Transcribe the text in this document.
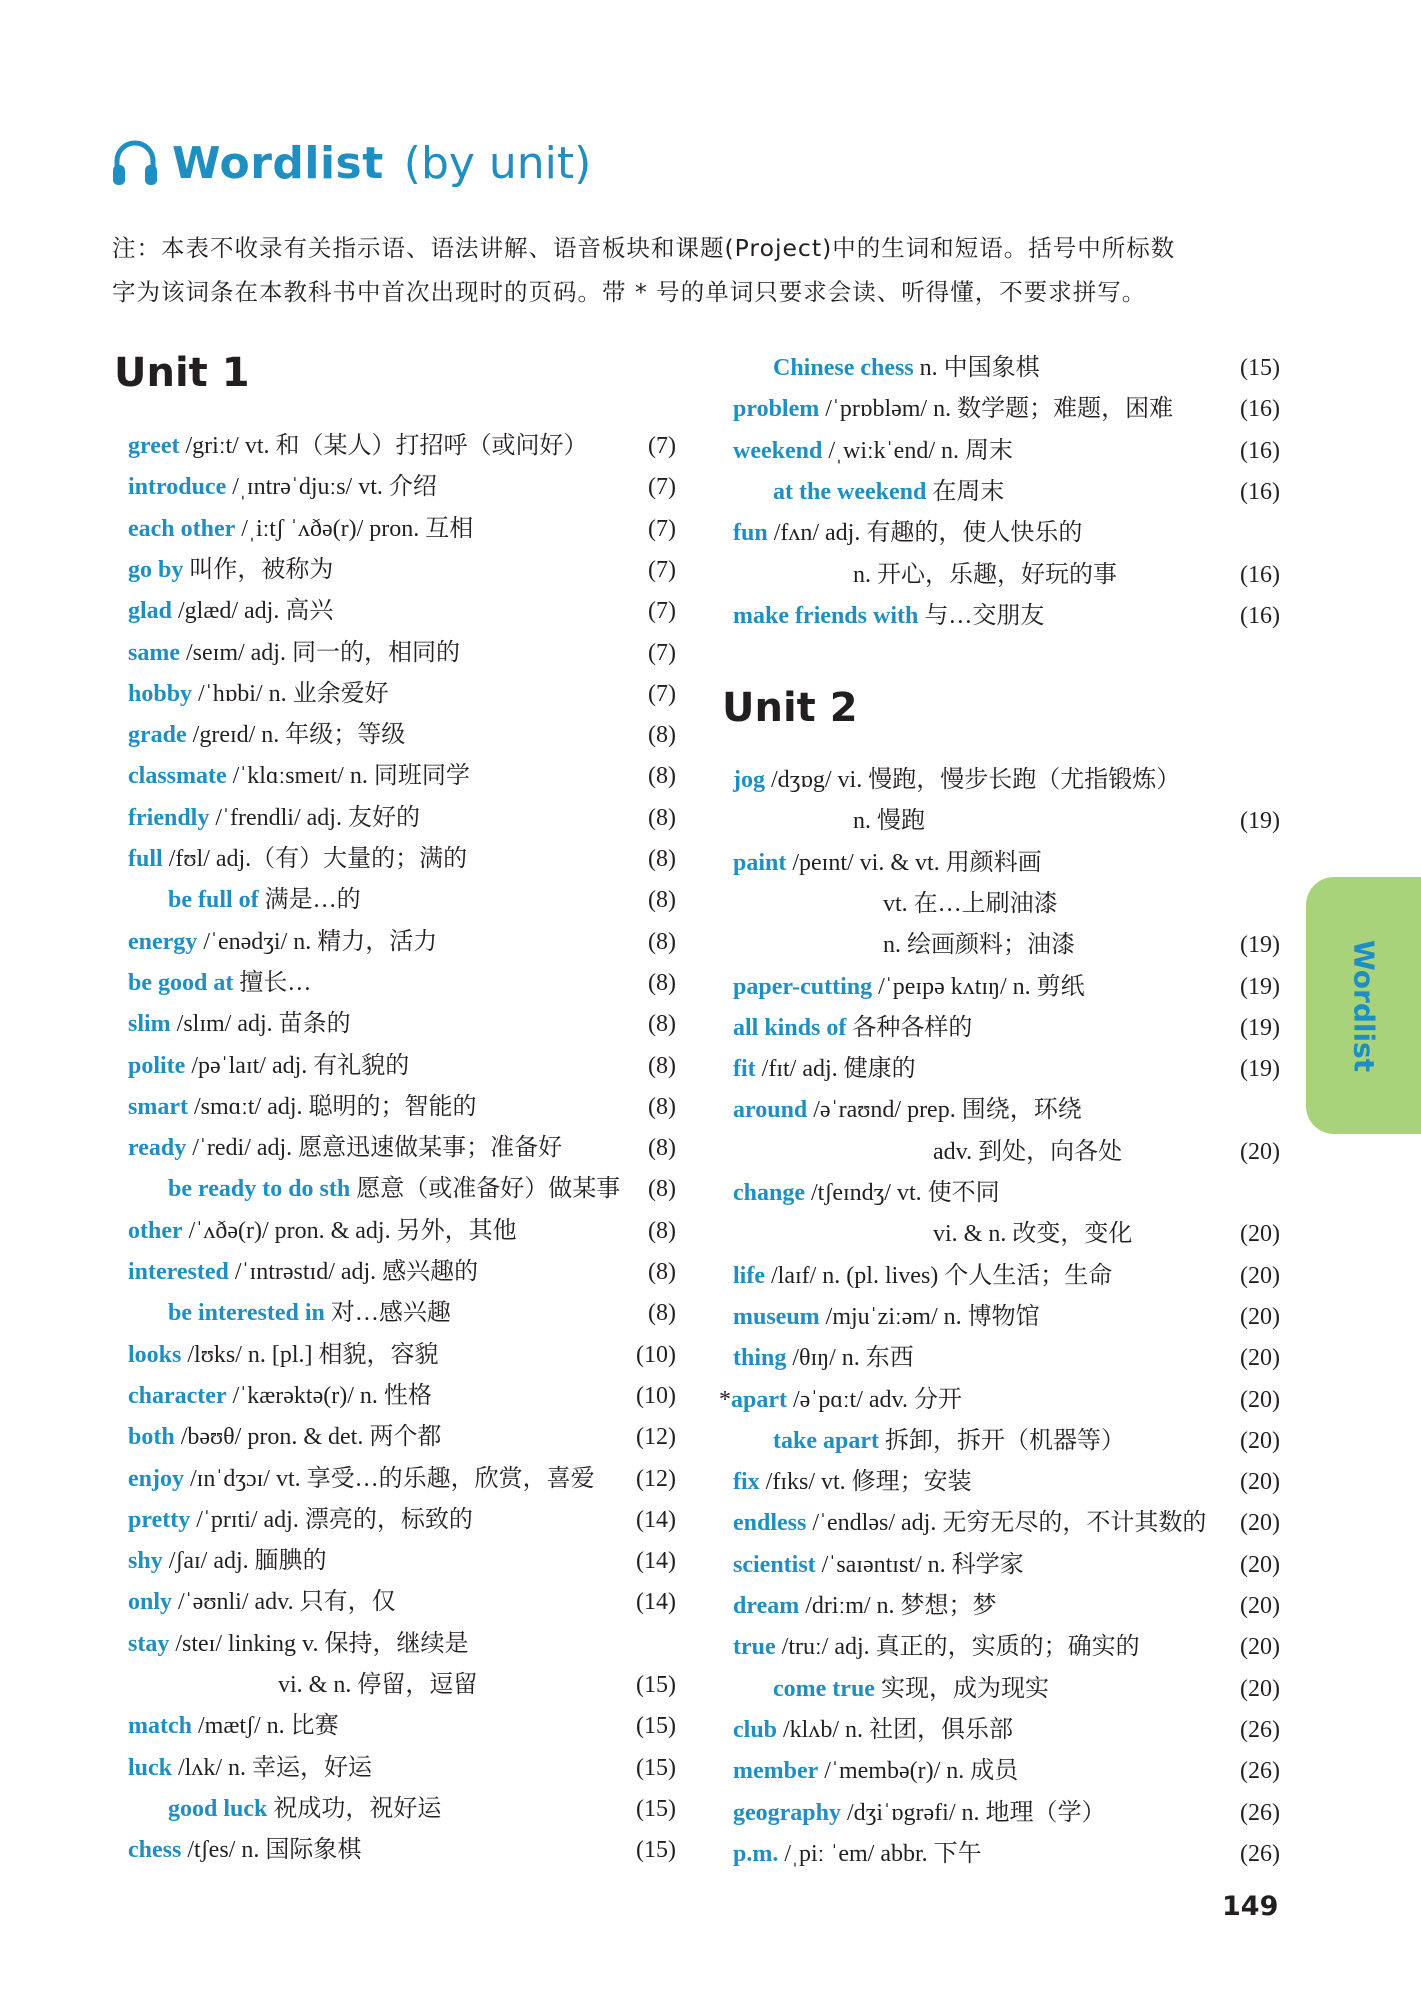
Wordlist (by unit)

注：本表不收录有关指示语、语法讲解、语音板块和课题(Project)中的生词和短语。括号中所标数
字为该词条在本教科书中首次出现时的页码。带 * 号的单词只要求会读、听得懂，不要求拼写。

Unit 1
Unit 2
greet /griːt/ vt. 和（某人）打招呼（或问好）	(7)
introduce /ˌɪntrəˈdjuːs/ vt. 介绍	(7)
each other /ˌiːtʃ ˈʌðə(r)/ pron. 互相	(7)
go by 叫作，被称为	(7)
glad /glæd/ adj. 高兴	(7)
same /seɪm/ adj. 同一的，相同的	(7)
hobby /ˈhɒbi/ n. 业余爱好	(7)
grade /greɪd/ n. 年级；等级	(8)
classmate /ˈklɑːsmeɪt/ n. 同班同学	(8)
friendly /ˈfrendli/ adj. 友好的	(8)
full /fʊl/ adj.（有）大量的；满的	(8)
be full of 满是…的	(8)
energy /ˈenədʒi/ n. 精力，活力	(8)
be good at 擅长…	(8)
slim /slɪm/ adj. 苗条的	(8)
polite /pəˈlaɪt/ adj. 有礼貌的	(8)
smart /smɑːt/ adj. 聪明的；智能的	(8)
ready /ˈredi/ adj. 愿意迅速做某事；准备好	(8)
be ready to do sth 愿意（或准备好）做某事 (8)
other /ˈʌðə(r)/ pron. & adj. 另外，其他	(8)
interested /ˈɪntrəstɪd/ adj. 感兴趣的	(8)
be interested in 对…感兴趣	(8)
looks /lʊks/ n. [pl.] 相貌，容貌	(10)
character /ˈkærəktə(r)/ n. 性格	(10)
both /bəʊθ/ pron. & det. 两个都	(12)
enjoy /ɪnˈdʒɔɪ/ vt. 享受…的乐趣，欣赏，喜爱 (12)
pretty /ˈprɪti/ adj. 漂亮的，标致的	(14)
shy /ʃaɪ/ adj. 腼腆的	(14)
only /ˈəʊnli/ adv. 只有，仅	(14)
stay /steɪ/ linking v. 保持，继续是
vi. & n. 停留，逗留	(15)
match /mætʃ/ n. 比赛	(15)
luck /lʌk/ n. 幸运，好运	(15)
good luck 祝成功，祝好运	(15)
chess /tʃes/ n. 国际象棋	(15)
Chinese chess n. 中国象棋	(15)
problem /ˈprɒbləm/ n. 数学题；难题，困难	(16)
weekend /ˌwiːkˈend/ n. 周末	(16)
at the weekend 在周末	(16)
fun /fʌn/ adj. 有趣的，使人快乐的
n. 开心，乐趣，好玩的事	(16)
make friends with 与…交朋友	(16)
jog /dʒɒg/ vi. 慢跑，慢步长跑（尤指锻炼）
n. 慢跑	(19)
paint /peɪnt/ vi. & vt. 用颜料画
vt. 在…上刷油漆
n. 绘画颜料；油漆	(19)
paper-cutting /ˈpeɪpə kʌtɪŋ/ n. 剪纸	(19)
all kinds of 各种各样的	(19)
fit /fɪt/ adj. 健康的	(19)
around /əˈraʊnd/ prep. 围绕，环绕
adv. 到处，向各处	(20)
change /tʃeɪndʒ/ vt. 使不同
vi. & n. 改变，变化	(20)
life /laɪf/ n. (pl. lives) 个人生活；生命	(20)
museum /mjuˈziːəm/ n. 博物馆	(20)
thing /θɪŋ/ n. 东西	(20)
*apart /əˈpɑːt/ adv. 分开	(20)
take apart 拆卸，拆开（机器等）	(20)
fix /fɪks/ vt. 修理；安装	(20)
endless /ˈendləs/ adj. 无穷无尽的，不计其数的 (20)
scientist /ˈsaɪəntɪst/ n. 科学家	(20)
dream /driːm/ n. 梦想；梦	(20)
true /truː/ adj. 真正的，实质的；确实的	(20)
come true 实现，成为现实	(20)
club /klʌb/ n. 社团，俱乐部	(26)
member /ˈmembə(r)/ n. 成员	(26)
geography /dʒiˈɒgrəfi/ n. 地理（学）	(26)
p.m. /ˌpiː ˈem/ abbr. 下午	(26)
Wordlist
149
